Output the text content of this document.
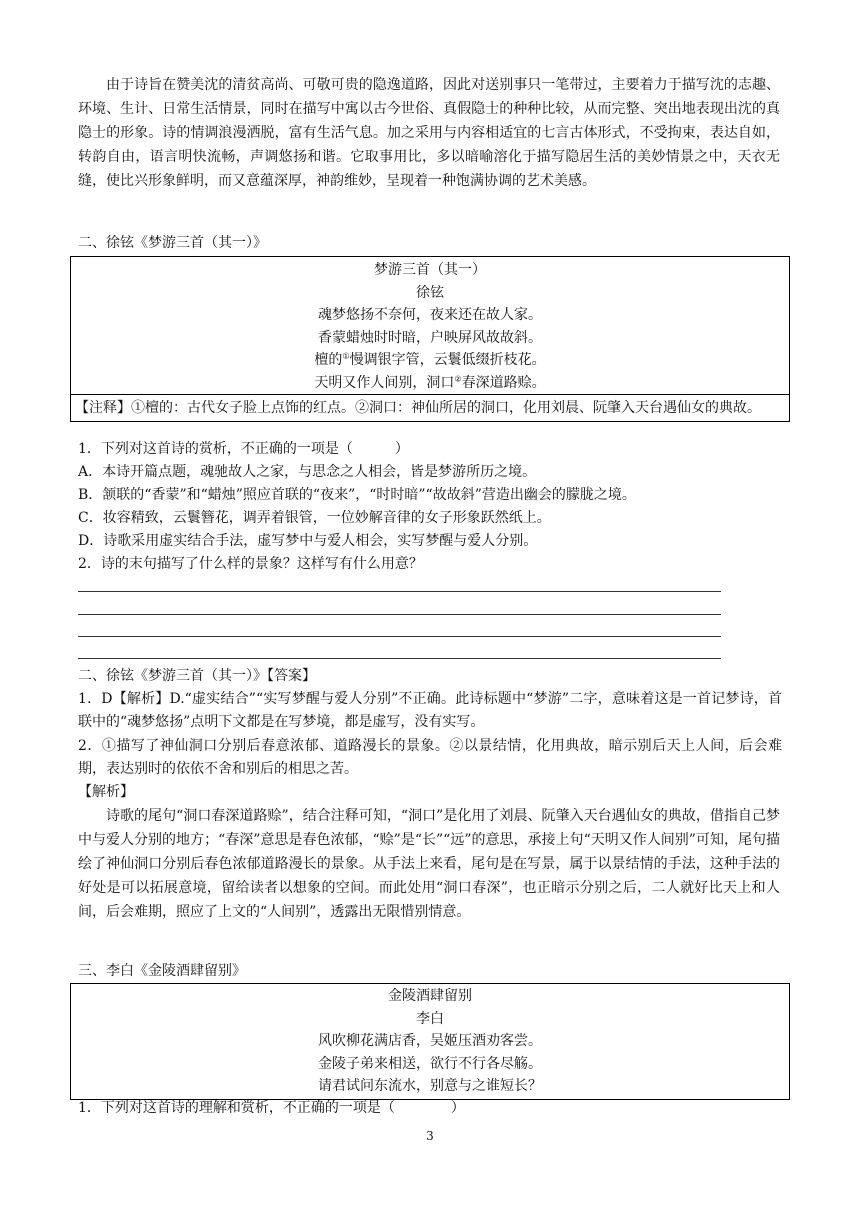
由于诗旨在赞美沈的清贫高尚、可敬可贵的隐逸道路，因此对送别事只一笔带过，主要着力于描写沈的志趣、环境、生计、日常生活情景，同时在描写中寓以古今世俗、真假隐士的种种比较，从而完整、突出地表现出沈的真隐士的形象。诗的情调浪漫洒脱，富有生活气息。加之采用与内容相适宜的七言古体形式，不受拘束，表达自如，转韵自由，语言明快流畅，声调悠扬和谐。它取事用比，多以暗喻溶化于描写隐居生活的美妙情景之中，天衣无缝，使比兴形象鲜明，而又意蕴深厚，神韵维妙，呈现着一种饱满协调的艺术美感。

二、徐铉《梦游三首（其一）》

梦游三首（其一）
徐铉
魂梦悠扬不奈何，夜来还在故人家。
香蒙蜡烛时时暗，户映屏风故故斜。
檀的①慢调银字管，云鬟低缀折枝花。
天明又作人间别，洞口②春深道路赊。
【注释】①檀的：古代女子脸上点饰的红点。②洞口：神仙所居的洞口，化用刘晨、阮肇入天台遇仙女的典故。

1．下列对这首诗的赏析，不正确的一项是（　　　）

A．本诗开篇点题，魂驰故人之家，与思念之人相会，皆是梦游所历之境。

B．颔联的“香蒙”和“蜡烛”照应首联的“夜来”，“时时暗”“故故斜”营造出幽会的朦胧之境。

C．妆容精致，云鬟簪花，调弄着银管，一位妙解音律的女子形象跃然纸上。

D．诗歌采用虚实结合手法，虚写梦中与爱人相会，实写梦醒与爱人分别。

2．诗的末句描写了什么样的景象？这样写有什么用意？

二、徐铉《梦游三首（其一）》【答案】

1．D【解析】D.“虚实结合”“实写梦醒与爱人分别”不正确。此诗标题中“梦游”二字，意味着这是一首记梦诗，首联中的“魂梦悠扬”点明下文都是在写梦境，都是虚写，没有实写。

2．①描写了神仙洞口分别后春意浓郁、道路漫长的景象。②以景结情，化用典故，暗示别后天上人间，后会难期，表达别时的依依不舍和别后的相思之苦。

【解析】

诗歌的尾句“洞口春深道路赊”，结合注释可知，“洞口”是化用了刘晨、阮肇入天台遇仙女的典故，借指自己梦中与爱人分别的地方；“春深”意思是春色浓郁，“赊”是“长”“远”的意思，承接上句“天明又作人间别”可知，尾句描绘了神仙洞口分别后春色浓郁道路漫长的景象。从手法上来看，尾句是在写景，属于以景结情的手法，这种手法的好处是可以拓展意境，留给读者以想象的空间。而此处用“洞口春深”，也正暗示分别之后，二人就好比天上和人间，后会难期，照应了上文的“人间别”，透露出无限惜别情意。

三、李白《金陵酒肆留别》

金陵酒肆留别
李白
风吹柳花满店香，吴姬压酒劝客尝。
金陵子弟来相送，欲行不行各尽觞。
请君试问东流水，别意与之谁短长？

1．下列对这首诗的理解和赏析，不正确的一项是（　　　　）

3
